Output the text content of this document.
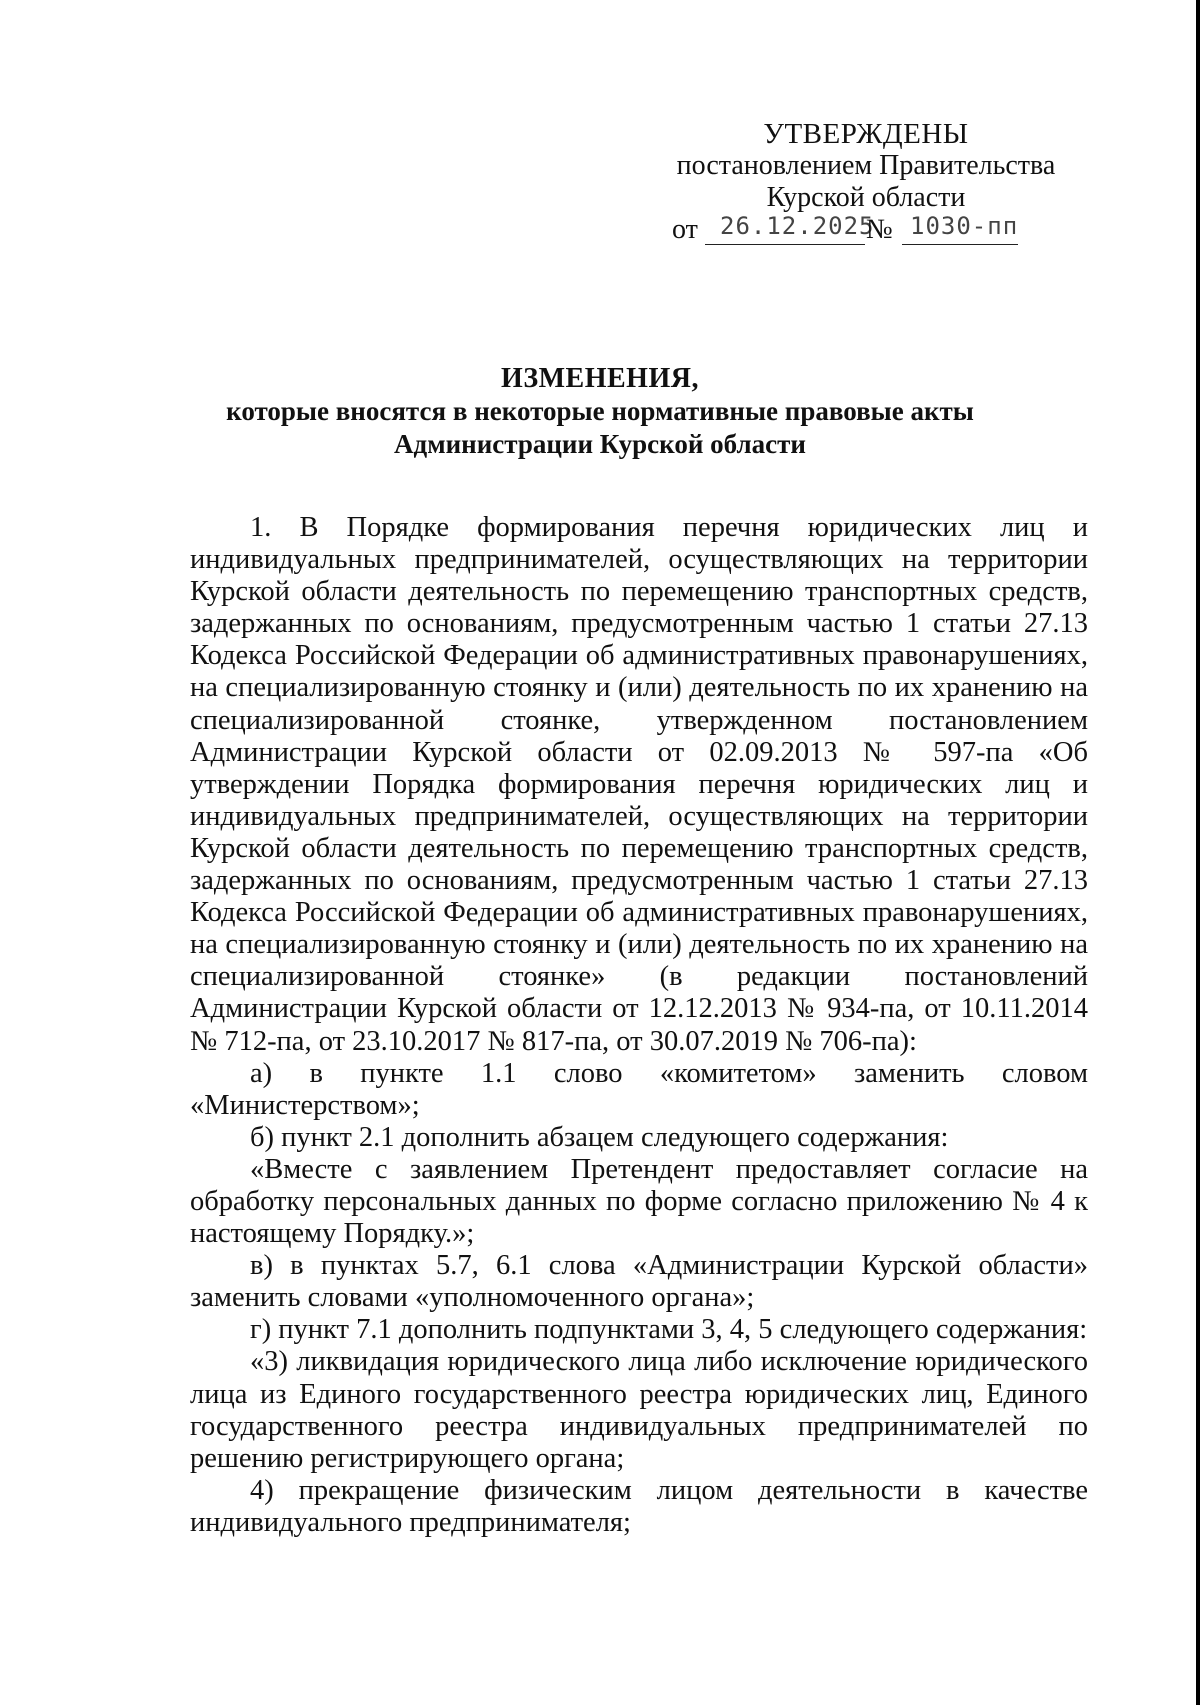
УТВЕРЖДЕНЫ
постановлением Правительства
Курской области
от 26.12.2025
№ 1030-пп
ИЗМЕНЕНИЯ,
которые вносятся в некоторые нормативные правовые акты
Администрации Курской области

1. В Порядке формирования перечня юридических лиц и индивидуальных предпринимателей, осуществляющих на территории Курской области деятельность по перемещению транспортных средств, задержанных по основаниям, предусмотренным частью 1 статьи 27.13 Кодекса Российской Федерации об административных правонарушениях, на специализированную стоянку и (или) деятельность по их хранению на специализированной стоянке, утвержденном постановлением Администрации Курской области от 02.09.2013 № 597-па «Об утверждении Порядка формирования перечня юридических лиц и индивидуальных предпринимателей, осуществляющих на территории Курской области деятельность по перемещению транспортных средств, задержанных по основаниям, предусмотренным частью 1 статьи 27.13 Кодекса Российской Федерации об административных правонарушениях, на специализированную стоянку и (или) деятельность по их хранению на специализированной стоянке» (в редакции постановлений Администрации Курской области от 12.12.2013 № 934-па, от 10.11.2014 № 712-па, от 23.10.2017 № 817-па, от 30.07.2019 № 706-па):

а) в пункте 1.1 слово «комитетом» заменить словом «Министерством»;

б) пункт 2.1 дополнить абзацем следующего содержания:

«Вместе с заявлением Претендент предоставляет согласие на обработку персональных данных по форме согласно приложению № 4 к настоящему Порядку.»;

в) в пунктах 5.7, 6.1 слова «Администрации Курской области» заменить словами «уполномоченного органа»;

г) пункт 7.1 дополнить подпунктами 3, 4, 5 следующего содержания:

«3) ликвидация юридического лица либо исключение юридического лица из Единого государственного реестра юридических лиц, Единого государственного реестра индивидуальных предпринимателей по решению регистрирующего органа;

4) прекращение физическим лицом деятельности в качестве индивидуального предпринимателя;
